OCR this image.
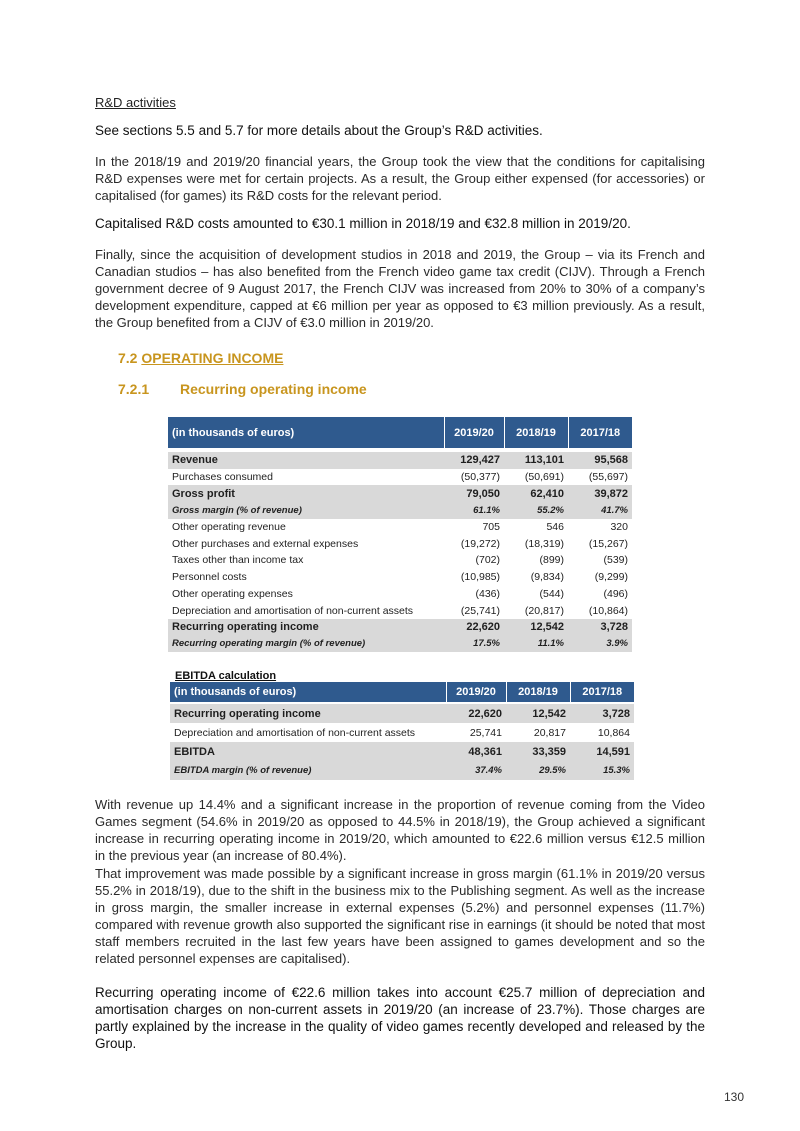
R&D activities
See sections 5.5 and 5.7 for more details about the Group’s R&D activities.
In the 2018/19 and 2019/20 financial years, the Group took the view that the conditions for capitalising R&D expenses were met for certain projects. As a result, the Group either expensed (for accessories) or capitalised (for games) its R&D costs for the relevant period.
Capitalised R&D costs amounted to €30.1 million in 2018/19 and €32.8 million in 2019/20.
Finally, since the acquisition of development studios in 2018 and 2019, the Group – via its French and Canadian studios – has also benefited from the French video game tax credit (CIJV). Through a French government decree of 9 August 2017, the French CIJV was increased from 20% to 30% of a company’s development expenditure, capped at €6 million per year as opposed to €3 million previously. As a result, the Group benefited from a CIJV of €3.0 million in 2019/20.
7.2 OPERATING INCOME
7.2.1 Recurring operating income
(in thousands of euros)	2019/20	2018/19	2017/18
Revenue	129,427	113,101	95,568
Purchases consumed	(50,377)	(50,691)	(55,697)
Gross profit	79,050	62,410	39,872
Gross margin (% of revenue)	61.1%	55.2%	41.7%
Other operating revenue	705	546	320
Other purchases and external expenses	(19,272)	(18,319)	(15,267)
Taxes other than income tax	(702)	(899)	(539)
Personnel costs	(10,985)	(9,834)	(9,299)
Other operating expenses	(436)	(544)	(496)
Depreciation and amortisation of non-current assets	(25,741)	(20,817)	(10,864)
Recurring operating income	22,620	12,542	3,728
Recurring operating margin (% of revenue)	17.5%	11.1%	3.9%
EBITDA calculation
(in thousands of euros)	2019/20	2018/19	2017/18
Recurring operating income	22,620	12,542	3,728
Depreciation and amortisation of non-current assets	25,741	20,817	10,864
EBITDA	48,361	33,359	14,591
EBITDA margin (% of revenue)	37.4%	29.5%	15.3%
With revenue up 14.4% and a significant increase in the proportion of revenue coming from the Video Games segment (54.6% in 2019/20 as opposed to 44.5% in 2018/19), the Group achieved a significant increase in recurring operating income in 2019/20, which amounted to €22.6 million versus €12.5 million in the previous year (an increase of 80.4%).
That improvement was made possible by a significant increase in gross margin (61.1% in 2019/20 versus 55.2% in 2018/19), due to the shift in the business mix to the Publishing segment. As well as the increase in gross margin, the smaller increase in external expenses (5.2%) and personnel expenses (11.7%) compared with revenue growth also supported the significant rise in earnings (it should be noted that most staff members recruited in the last few years have been assigned to games development and so the related personnel expenses are capitalised).
Recurring operating income of €22.6 million takes into account €25.7 million of depreciation and amortisation charges on non-current assets in 2019/20 (an increase of 23.7%). Those charges are partly explained by the increase in the quality of video games recently developed and released by the Group.
130
